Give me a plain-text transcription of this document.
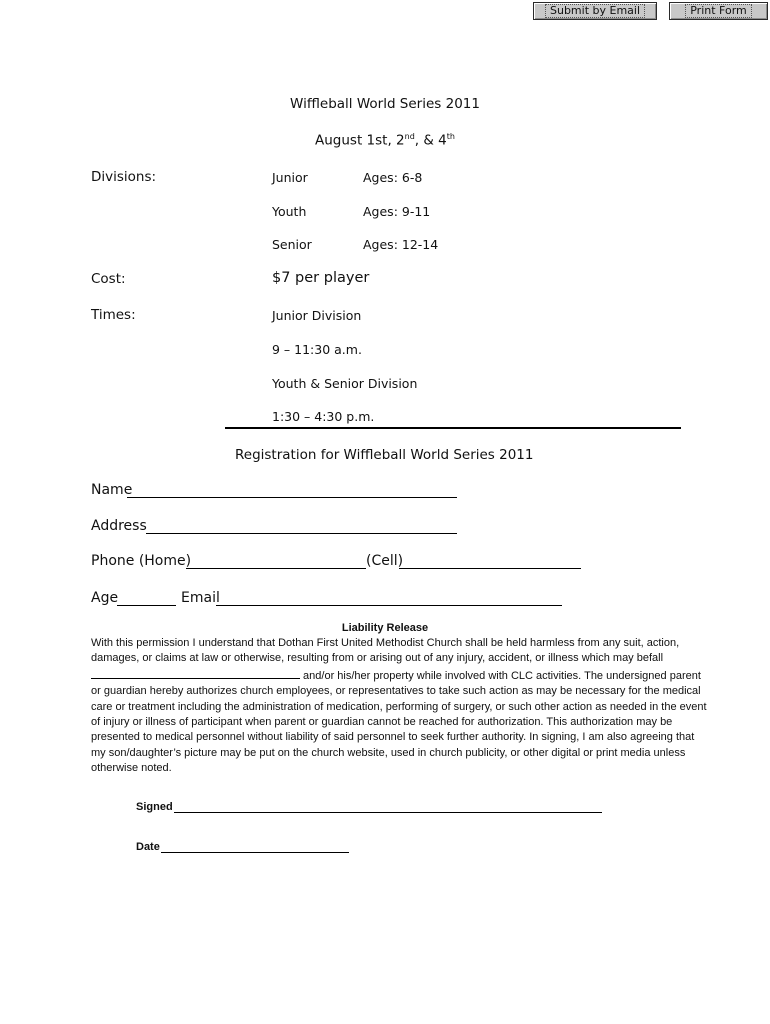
Submit by Email	Print Form
Wiffleball World Series 2011
August 1st, 2nd, & 4th
Divisions:	Junior	Ages: 6-8
Youth	Ages: 9-11
Senior	Ages: 12-14
Cost:	$7 per player
Times:	Junior Division
9 – 11:30 a.m.
Youth & Senior Division
1:30 – 4:30 p.m.
Registration for Wiffleball World Series 2011
Name
Address
Phone (Home)	(Cell)
Age	Email
Liability Release
With this permission I understand that Dothan First United Methodist Church shall be held harmless from any suit, action, damages, or claims at law or otherwise, resulting from or arising out of any injury, accident, or illness which may befall  and/or his/her property while involved with CLC activities. The undersigned parent or guardian hereby authorizes church employees, or representatives to take such action as may be necessary for the medical care or treatment including the administration of medication, performing of surgery, or such other action as needed in the event of injury or illness of participant when parent or guardian cannot be reached for authorization. This authorization may be presented to medical personnel without liability of said personnel to seek further authority. In signing, I am also agreeing that my son/daughter’s picture may be put on the church website, used in church publicity, or other digital or print media unless otherwise noted.
Signed
Date
